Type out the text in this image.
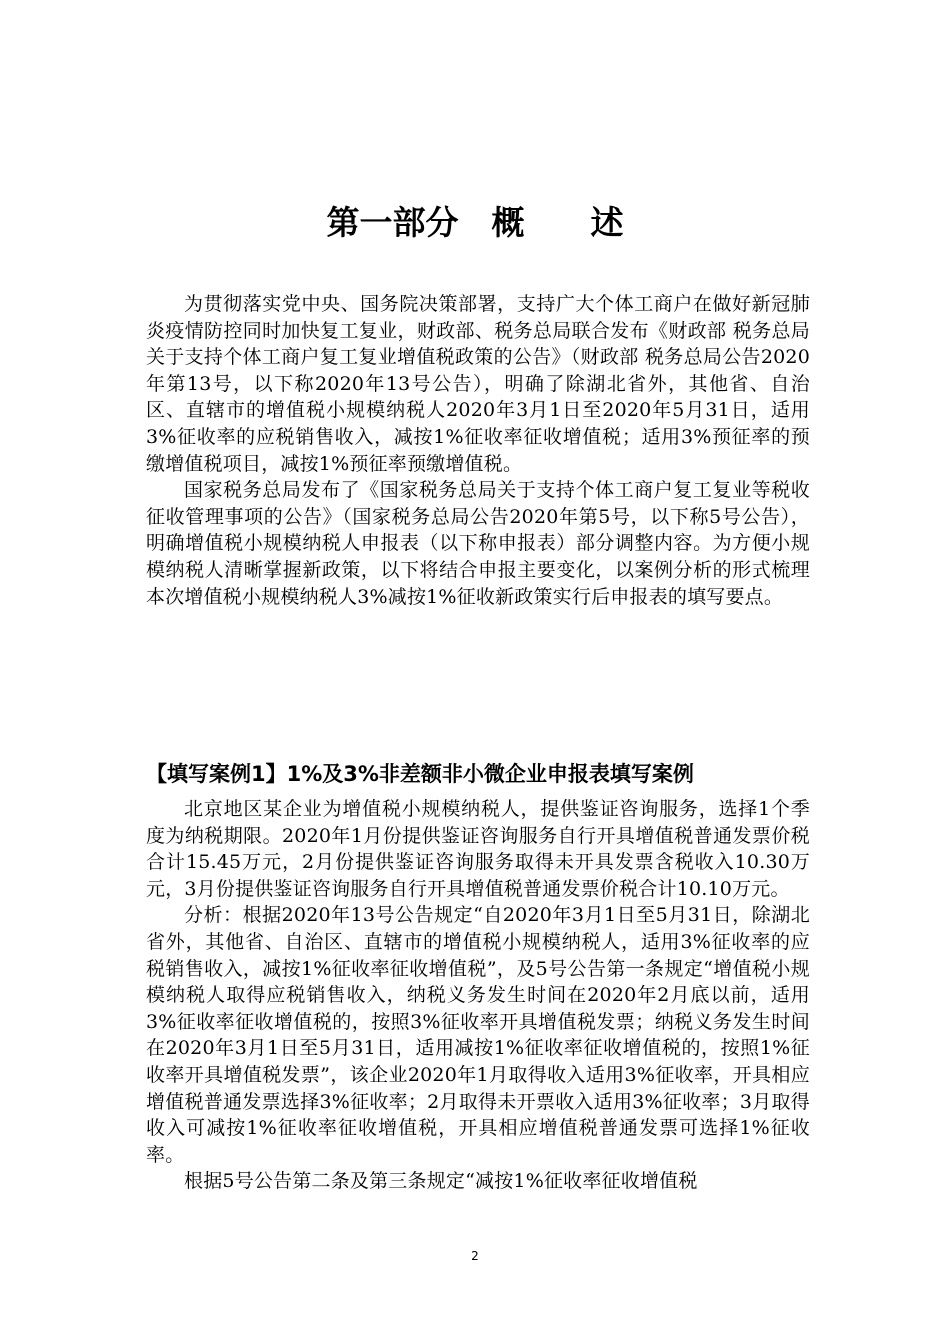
第一部分　概　　述

为贯彻落实党中央、国务院决策部署，支持广大个体工商户在做好新冠肺炎疫情防控同时加快复工复业，财政部、税务总局联合发布《财政部 税务总局关于支持个体工商户复工复业增值税政策的公告》（财政部 税务总局公告2020年第13号，以下称2020年13号公告），明确了除湖北省外，其他省、自治区、直辖市的增值税小规模纳税人2020年3月1日至2020年5月31日，适用3%征收率的应税销售收入，减按1%征收率征收增值税；适用3%预征率的预缴增值税项目，减按1%预征率预缴增值税。

国家税务总局发布了《国家税务总局关于支持个体工商户复工复业等税收征收管理事项的公告》（国家税务总局公告2020年第5号，以下称5号公告），明确增值税小规模纳税人申报表（以下称申报表）部分调整内容。为方便小规模纳税人清晰掌握新政策，以下将结合申报主要变化，以案例分析的形式梳理本次增值税小规模纳税人3%减按1%征收新政策实行后申报表的填写要点。

【填写案例1】1%及3%非差额非小微企业申报表填写案例

北京地区某企业为增值税小规模纳税人，提供鉴证咨询服务，选择1个季度为纳税期限。2020年1月份提供鉴证咨询服务自行开具增值税普通发票价税合计15.45万元，2月份提供鉴证咨询服务取得未开具发票含税收入10.30万元，3月份提供鉴证咨询服务自行开具增值税普通发票价税合计10.10万元。

分析：根据2020年13号公告规定“自2020年3月1日至5月31日，除湖北省外，其他省、自治区、直辖市的增值税小规模纳税人，适用3%征收率的应税销售收入，减按1%征收率征收增值税”，及5号公告第一条规定“增值税小规模纳税人取得应税销售收入，纳税义务发生时间在2020年2月底以前，适用3%征收率征收增值税的，按照3%征收率开具增值税发票；纳税义务发生时间在2020年3月1日至5月31日，适用减按1%征收率征收增值税的，按照1%征收率开具增值税发票”，该企业2020年1月取得收入适用3%征收率，开具相应增值税普通发票选择3%征收率；2月取得未开票收入适用3%征收率；3月取得收入可减按1%征收率征收增值税，开具相应增值税普通发票可选择1%征收率。

根据5号公告第二条及第三条规定“减按1%征收率征收增值税

2
